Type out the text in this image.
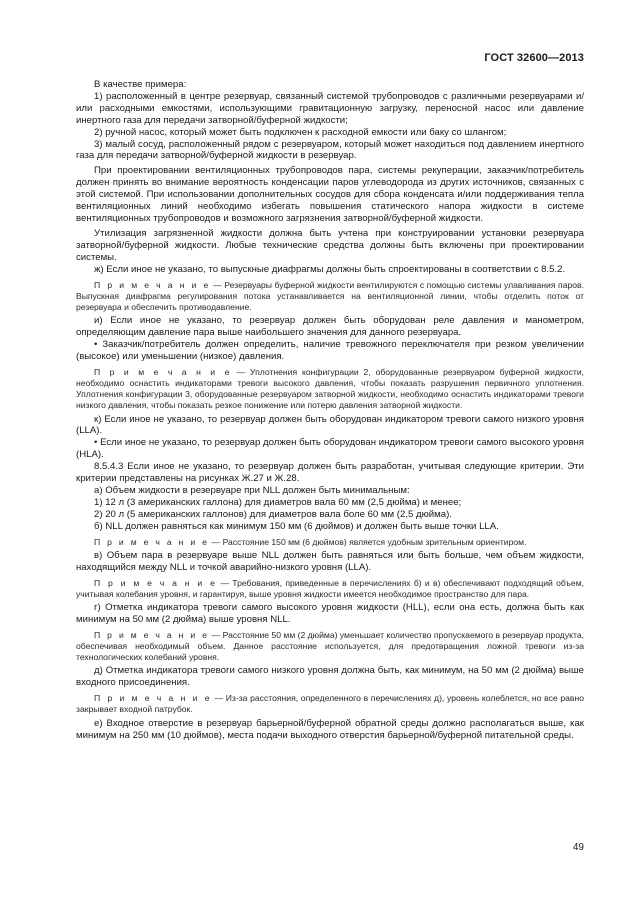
ГОСТ 32600—2013

В качестве примера:

1) расположенный в центре резервуар, связанный системой трубопроводов с различными резервуарами и/или расходными емкостями, использующими гравитационную загрузку, переносной насос или давление инертного газа для передачи затворной/буферной жидкости;

2) ручной насос, который может быть подключен к расходной емкости или баку со шлангом;

3) малый сосуд, расположенный рядом с резервуаром, который может находиться под давлением инертного газа для передачи затворной/буферной жидкости в резервуар.

При проектировании вентиляционных трубопроводов пара, системы рекуперации, заказчик/потребитель должен принять во внимание вероятность конденсации паров углеводорода из других источников, связанных с этой системой. При использовании дополнительных сосудов для сбора конденсата и/или поддерживания тепла вентиляционных линий необходимо избегать повышения статического напора жидкости в системе вентиляционных трубопроводов и возможного загрязнения затворной/буферной жидкости.

Утилизация загрязненной жидкости должна быть учтена при конструировании установки резервуара затворной/буферной жидкости. Любые технические средства должны быть включены при проектировании системы.

ж) Если иное не указано, то выпускные диафрагмы должны быть спроектированы в соответствии с 8.5.2.

П р и м е ч а н и е — Резервуары буферной жидкости вентилируются с помощью системы улавливания паров. Выпускная диафрагма регулирования потока устанавливается на вентиляционной линии, чтобы отделить поток от резервуара и обеспечить противодавление.

и) Если иное не указано, то резервуар должен быть оборудован реле давления и манометром, определяющим давление пара выше наибольшего значения для данного резервуара.

• Заказчик/потребитель должен определить, наличие тревожного переключателя при резком увеличении (высокое) или уменьшении (низкое) давления.

П р и м е ч а н и е — Уплотнения конфигурации 2, оборудованные резервуаром буферной жидкости, необходимо оснастить индикаторами тревоги высокого давления, чтобы показать разрушения первичного уплотнения. Уплотнения конфигурации 3, оборудованные резервуаром затворной жидкости, необходимо оснастить индикаторами тревоги низкого давления, чтобы показать резкое понижение или потерю давления затворной жидкости.

к) Если иное не указано, то резервуар должен быть оборудован индикатором тревоги самого низкого уровня (LLA).

• Если иное не указано, то резервуар должен быть оборудован индикатором тревоги самого высокого уровня (HLA).

8.5.4.3 Если иное не указано, то резервуар должен быть разработан, учитывая следующие критерии. Эти критерии представлены на рисунках Ж.27 и Ж.28.

а) Объем жидкости в резервуаре при NLL должен быть минимальным:

1) 12 л (3 американских галлона) для диаметров вала 60 мм (2,5 дюйма) и менее;

2) 20 л (5 американских галлонов) для диаметров вала боле 60 мм (2,5 дюйма).

б) NLL должен равняться как минимум 150 мм (6 дюймов) и должен быть выше точки LLA.

П р и м е ч а н и е — Расстояние 150 мм (6 дюймов) является удобным зрительным ориентиром.

в) Объем пара в резервуаре выше NLL должен быть равняться или быть больше, чем объем жидкости, находящийся между NLL и точкой аварийно-низкого уровня (LLA).

П р и м е ч а н и е — Требования, приведенные в перечислениях б) и в) обеспечивают подходящий объем, учитывая колебания уровня, и гарантируя, выше уровня жидкости имеется необходимое пространство для пара.

г) Отметка индикатора тревоги самого высокого уровня жидкости (HLL), если она есть, должна быть как минимум на 50 мм (2 дюйма) выше уровня NLL.

П р и м е ч а н и е — Расстояние 50 мм (2 дюйма) уменьшает количество пропускаемого в резервуар продукта, обеспечивая необходимый объем. Данное расстояние используется, для предотвращения ложной тревоги из-за технологических колебаний уровня.

д) Отметка индикатора тревоги самого низкого уровня должна быть, как минимум, на 50 мм (2 дюйма) выше входного присоединения.

П р и м е ч а н и е — Из-за расстояния, определенного в перечислениях д), уровень колеблется, но все равно закрывает входной патрубок.

е) Входное отверстие в резервуар барьерной/буферной обратной среды должно располагаться выше, как минимум на 250 мм (10 дюймов), места подачи выходного отверстия барьерной/буферной питательной среды.

49
